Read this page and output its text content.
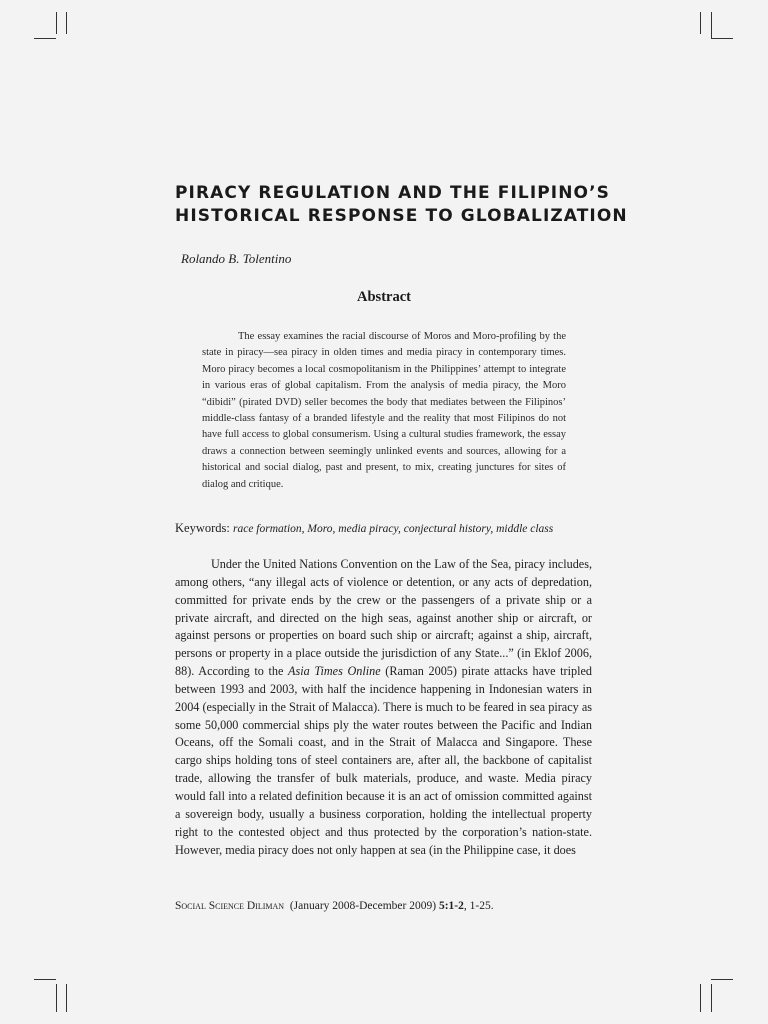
PIRACY REGULATION AND THE FILIPINO’S
HISTORICAL RESPONSE TO GLOBALIZATION
Rolando B. Tolentino
Abstract

The essay examines the racial discourse of Moros and Moro-profiling by the state in piracy—sea piracy in olden times and media piracy in contemporary times. Moro piracy becomes a local cosmopolitanism in the Philippines’ attempt to integrate in various eras of global capitalism. From the analysis of media piracy, the Moro “dibidi” (pirated DVD) seller becomes the body that mediates between the Filipinos’ middle-class fantasy of a branded lifestyle and the reality that most Filipinos do not have full access to global consumerism. Using a cultural studies framework, the essay draws a connection between seemingly unlinked events and sources, allowing for a historical and social dialog, past and present, to mix, creating junctures for sites of dialog and critique.

Keywords: race formation, Moro, media piracy, conjectural history, middle class

Under the United Nations Convention on the Law of the Sea, piracy includes, among others, “any illegal acts of violence or detention, or any acts of depredation, committed for private ends by the crew or the passengers of a private ship or a private aircraft, and directed on the high seas, against another ship or aircraft, or against persons or properties on board such ship or aircraft; against a ship, aircraft, persons or property in a place outside the jurisdiction of any State...” (in Eklof 2006, 88). According to the Asia Times Online (Raman 2005) pirate attacks have tripled between 1993 and 2003, with half the incidence happening in Indonesian waters in 2004 (especially in the Strait of Malacca). There is much to be feared in sea piracy as some 50,000 commercial ships ply the water routes between the Pacific and Indian Oceans, off the Somali coast, and in the Strait of Malacca and Singapore. These cargo ships holding tons of steel containers are, after all, the backbone of capitalist trade, allowing the transfer of bulk materials, produce, and waste. Media piracy would fall into a related definition because it is an act of omission committed against a sovereign body, usually a business corporation, holding the intellectual property right to the contested object and thus protected by the corporation’s nation-state. However, media piracy does not only happen at sea (in the Philippine case, it does

Social Science Diliman (January 2008-December 2009) 5:1-2, 1-25.
